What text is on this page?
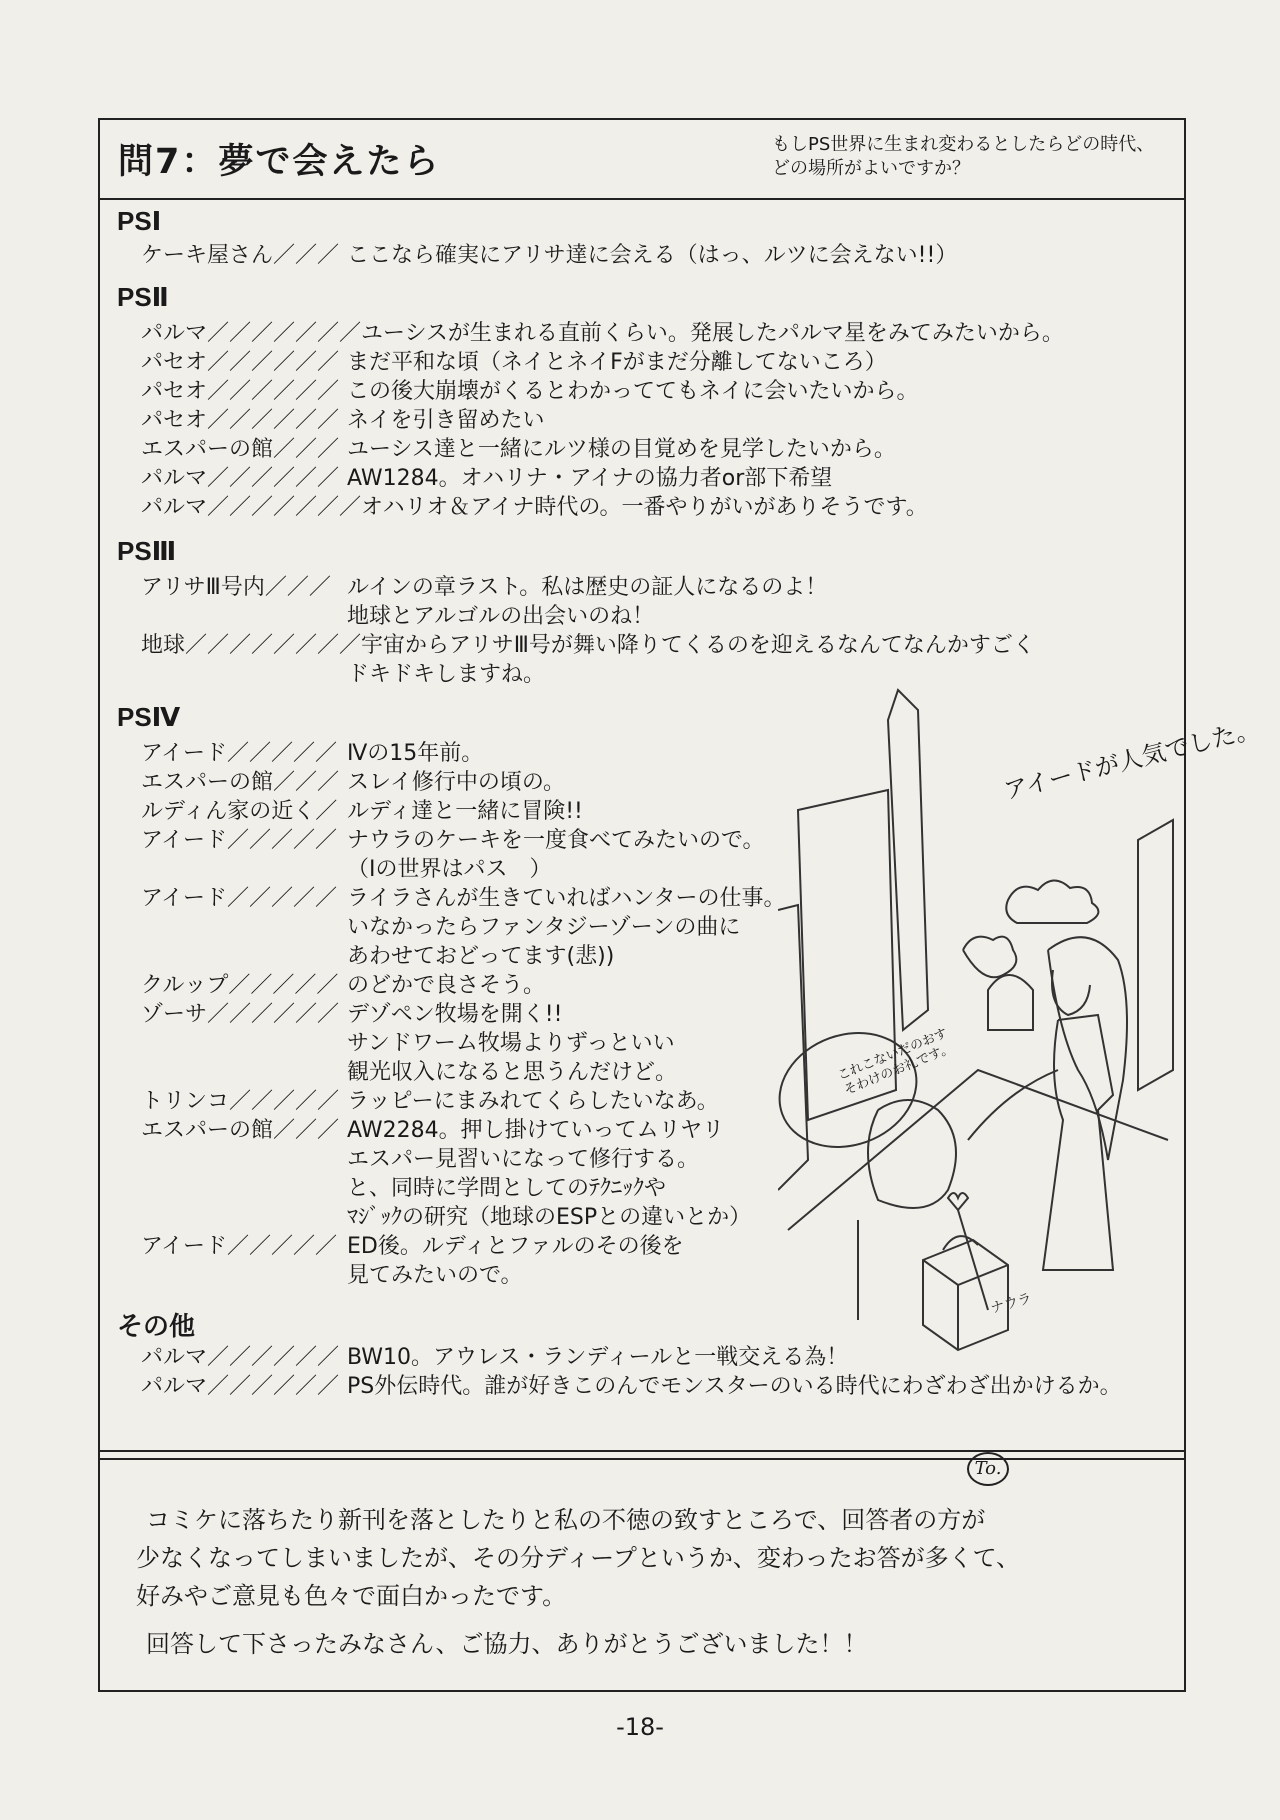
問7：夢で会えたら	もしPS世界に生まれ変わるとしたらどの時代、
どの場所がよいですか？
PSⅠ
ケーキ屋さん／／／ ここなら確実にアリサ達に会える（はっ、ルツに会えない!!）
PSⅡ
パルマ／／／／／／／ユーシスが生まれる直前くらい。発展したパルマ星をみてみたいから。
パセオ／／／／／／ まだ平和な頃（ネイとネイFがまだ分離してないころ）
パセオ／／／／／／ この後大崩壊がくるとわかっててもネイに会いたいから。
パセオ／／／／／／ ネイを引き留めたい
エスパーの館／／／ ユーシス達と一緒にルツ様の目覚めを見学したいから。
パルマ／／／／／／ AW1284。オハリナ・アイナの協力者or部下希望
パルマ／／／／／／／オハリオ＆アイナ時代の。一番やりがいがありそうです。
PSⅢ
アリサⅢ号内／／／ ルインの章ラスト。私は歴史の証人になるのよ！
地球とアルゴルの出会いのね！
地球／／／／／／／／宇宙からアリサⅢ号が舞い降りてくるのを迎えるなんてなんかすごく
ドキドキしますね。
PSⅣ
アイード／／／／／ Ⅳの15年前。
エスパーの館／／／ スレイ修行中の頃の。
ルディん家の近く／ ルディ達と一緒に冒険!!
アイード／／／／／ ナウラのケーキを一度食べてみたいので。
（Ⅰの世界はパス　）
アイード／／／／／ ライラさんが生きていればハンターの仕事。
いなかったらファンタジーゾーンの曲に
あわせておどってます(悲))
クルップ／／／／／ のどかで良さそう。
ゾーサ／／／／／／ デゾペン牧場を開く!!
サンドワーム牧場よりずっといい
観光収入になると思うんだけど。
トリンコ／／／／／ ラッピーにまみれてくらしたいなあ。
エスパーの館／／／ AW2284。押し掛けていってムリヤリ
エスパー見習いになって修行する。
と、同時に学問としてのﾃｸﾆｯｸや
ﾏｼﾞｯｸの研究（地球のESPとの違いとか）
アイード／／／／／ ED後。ルディとファルのその後を
見てみたいので。
その他
パルマ／／／／／／ BW10。アウレス・ランディールと一戦交える為！
パルマ／／／／／／ PS外伝時代。誰が好きこのんでモンスターのいる時代にわざわざ出かけるか。

コミケに落ちたり新刊を落としたりと私の不徳の致すところで、回答者の方が

少なくなってしまいましたが、その分ディープというか、変わったお答が多くて、

好みやご意見も色々で面白かったです。

回答して下さったみなさん、ご協力、ありがとうございました！！

To.
ナウラ
アイードが人気でした。
これこないだのおすそわけのお礼です。
-18-
